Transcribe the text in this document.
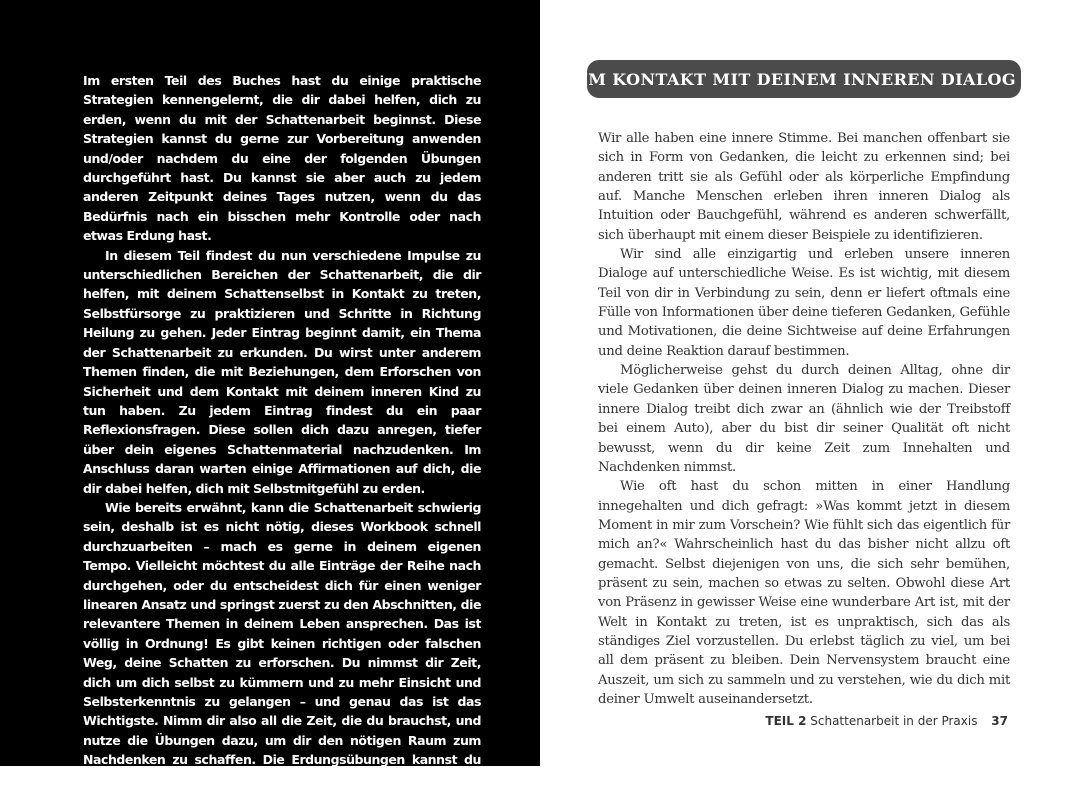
Im ersten Teil des Buches hast du einige praktische Strategien kennengelernt, die dir dabei helfen, dich zu erden, wenn du mit der Schattenarbeit beginnst. Diese Strategien kannst du gerne zur Vorbereitung anwenden und/oder nachdem du eine der folgenden Übungen durchgeführt hast. Du kannst sie aber auch zu jedem anderen Zeitpunkt deines Tages nutzen, wenn du das Bedürfnis nach ein bisschen mehr Kontrolle oder nach etwas Erdung hast.

In diesem Teil findest du nun verschiedene Impulse zu unterschiedlichen Bereichen der Schattenarbeit, die dir helfen, mit deinem Schattenselbst in Kontakt zu treten, Selbstfürsorge zu praktizieren und Schritte in Richtung Heilung zu gehen. Jeder Eintrag beginnt damit, ein Thema der Schattenarbeit zu erkunden. Du wirst unter anderem Themen finden, die mit Beziehungen, dem Erforschen von Sicherheit und dem Kontakt mit deinem inneren Kind zu tun haben. Zu jedem Eintrag findest du ein paar Reflexionsfragen. Diese sollen dich dazu anregen, tiefer über dein eigenes Schattenmaterial nachzudenken. Im Anschluss daran warten einige Affirmationen auf dich, die dir dabei helfen, dich mit Selbstmitgefühl zu erden.

Wie bereits erwähnt, kann die Schattenarbeit schwierig sein, deshalb ist es nicht nötig, dieses Workbook schnell durchzuarbeiten – mach es gerne in deinem eigenen Tempo. Vielleicht möchtest du alle Einträge der Reihe nach durchgehen, oder du entscheidest dich für einen weniger linearen Ansatz und springst zuerst zu den Abschnitten, die relevantere Themen in deinem Leben ansprechen. Das ist völlig in Ordnung! Es gibt keinen richtigen oder falschen Weg, deine Schatten zu erforschen. Du nimmst dir Zeit, dich um dich selbst zu kümmern und zu mehr Einsicht und Selbsterkenntnis zu gelangen – und genau das ist das Wichtigste. Nimm dir also all die Zeit, die du brauchst, und nutze die Übungen dazu, um dir den nötigen Raum zum Nachdenken zu schaffen. Die Erdungsübungen kannst du wie gesagt jederzeit und sooft du möchtest wiederholen.

NIMM KONTAKT MIT DEINEM INNEREN DIALOG AUF

Wir alle haben eine innere Stimme. Bei manchen offenbart sie sich in Form von Gedanken, die leicht zu erkennen sind; bei anderen tritt sie als Gefühl oder als körperliche Empfindung auf. Manche Menschen erleben ihren inneren Dialog als Intuition oder Bauchgefühl, während es anderen schwerfällt, sich überhaupt mit einem dieser Beispiele zu identifizieren.

Wir sind alle einzigartig und erleben unsere inneren Dialoge auf unterschiedliche Weise. Es ist wichtig, mit diesem Teil von dir in Verbindung zu sein, denn er liefert oftmals eine Fülle von Informationen über deine tieferen Gedanken, Gefühle und Motivationen, die deine Sichtweise auf deine Erfahrungen und deine Reaktion darauf bestimmen.

Möglicherweise gehst du durch deinen Alltag, ohne dir viele Gedanken über deinen inneren Dialog zu machen. Dieser innere Dialog treibt dich zwar an (ähnlich wie der Treibstoff bei einem Auto), aber du bist dir seiner Qualität oft nicht bewusst, wenn du dir keine Zeit zum Innehalten und Nachdenken nimmst.

Wie oft hast du schon mitten in einer Handlung innegehalten und dich gefragt: »Was kommt jetzt in diesem Moment in mir zum Vorschein? Wie fühlt sich das eigentlich für mich an?« Wahrscheinlich hast du das bisher nicht allzu oft gemacht. Selbst diejenigen von uns, die sich sehr bemühen, präsent zu sein, machen so etwas zu selten. Obwohl diese Art von Präsenz in gewisser Weise eine wunderbare Art ist, mit der Welt in Kontakt zu treten, ist es unpraktisch, sich das als ständiges Ziel vorzustellen. Du erlebst täglich zu viel, um bei all dem präsent zu bleiben. Dein Nervensystem braucht eine Auszeit, um sich zu sammeln und zu verstehen, wie du dich mit deiner Umwelt auseinandersetzt.

TEIL 2 Schattenarbeit in der Praxis 37
